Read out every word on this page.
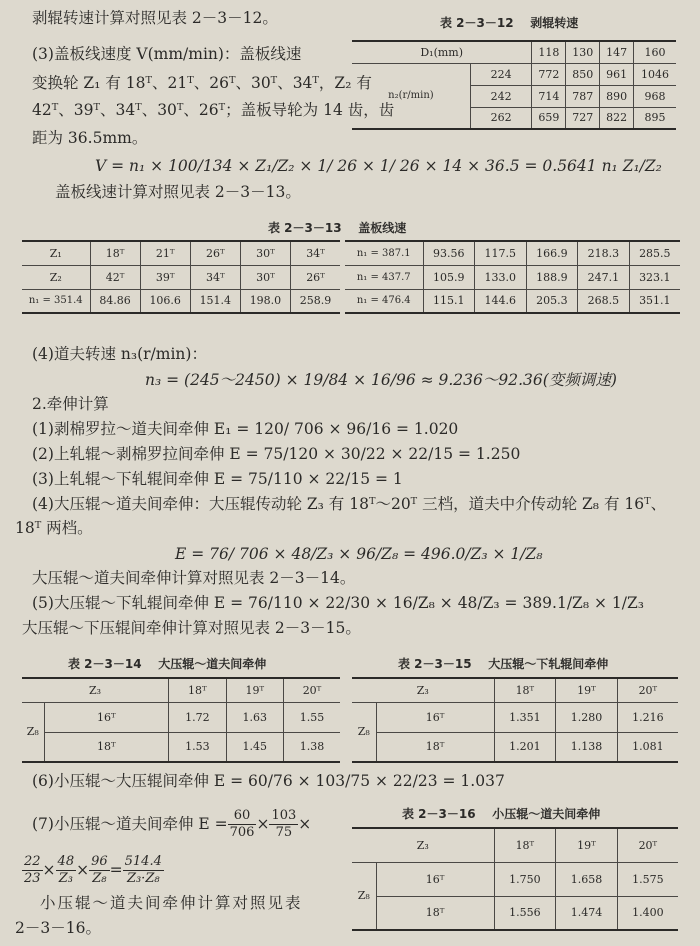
剥辊转速计算对照见表 2－3－12。
(3)盖板线速度 V(mm/min)：盖板线速
变换轮 Z₁ 有 18ᵀ、21ᵀ、26ᵀ、30ᵀ、34ᵀ，Z₂ 有
42ᵀ、39ᵀ、34ᵀ、30ᵀ、26ᵀ；盖板导轮为 14 齿，齿
距为 36.5mm。
V = n₁ × 100/134 × Z₁/Z₂ × 1/ 26 × 1/ 26 × 14 × 36.5 = 0.5641 n₁ Z₁/Z₂
盖板线速计算对照见表 2－3－13。
表 2－3－12    剥辊转速
D₁(mm)		118	130	147	160
n₂(r/min)	224	772	850	961	1046
	242	714	787	890	968
	262	659	727	822	895
表 2－3－13    盖板线速
Z₁	18ᵀ	21ᵀ	26ᵀ	30ᵀ	34ᵀ
Z₂	42ᵀ	39ᵀ	34ᵀ	30ᵀ	26ᵀ
n₁ = 351.4	84.86	106.6	151.4	198.0	258.9
n₁ = 387.1	93.56	117.5	166.9	218.3	285.5
n₁ = 437.7	105.9	133.0	188.9	247.1	323.1
n₁ = 476.4	115.1	144.6	205.3	268.5	351.1
(4)道夫转速 n₃(r/min)：
n₃ = (245～2450) × 19/84 × 16/96 ≈ 9.236～92.36(变频调速)
2.牵伸计算
(1)剥棉罗拉～道夫间牵伸 E₁ = 120/ 706 × 96/16 = 1.020
(2)上轧辊～剥棉罗拉间牵伸 E = 75/120 × 30/22 × 22/15 = 1.250
(3)上轧辊～下轧辊间牵伸 E = 75/110 × 22/15 = 1
(4)大压辊～道夫间牵伸：大压辊传动轮 Z₃ 有 18ᵀ～20ᵀ 三档，道夫中介传动轮 Z₈ 有 16ᵀ、
18ᵀ 两档。
E = 76/ 706 × 48/Z₃ × 96/Z₈ = 496.0/Z₃ × 1/Z₈
大压辊～道夫间牵伸计算对照见表 2－3－14。
(5)大压辊～下轧辊间牵伸 E = 76/110 × 22/30 × 16/Z₈ × 48/Z₃ = 389.1/Z₈ × 1/Z₃
大压辊～下压辊间牵伸计算对照见表 2－3－15。
表 2－3－14    大压辊～道夫间牵伸
Z₃		18ᵀ	19ᵀ	20ᵀ
Z₈	16ᵀ	1.72	1.63	1.55
	18ᵀ	1.53	1.45	1.38
表 2－3－15    大压辊～下轧辊间牵伸
Z₃		18ᵀ	19ᵀ	20ᵀ
Z₈	16ᵀ	1.351	1.280	1.216
	18ᵀ	1.201	1.138	1.081
(6)小压辊～大压辊间牵伸 E = 60/76 × 103/75 × 22/23 = 1.037
(7)小压辊～道夫间牵伸 $E = \frac{60}{706} \times \frac{103}{75}$ ×
$\frac{22}{23} \times \frac{48}{\text{Z₃}} \times \frac{96}{\text{Z₈}} = \frac{514.4}{\text{Z₃·Z₈}}$
小压辊～道夫间牵伸计算对照见表
2－3－16。
表 2－3－16    小压辊～道夫间牵伸
Z₃		18ᵀ	19ᵀ	20ᵀ
Z₈	16ᵀ	1.750	1.658	1.575
	18ᵀ	1.556	1.474	1.400
